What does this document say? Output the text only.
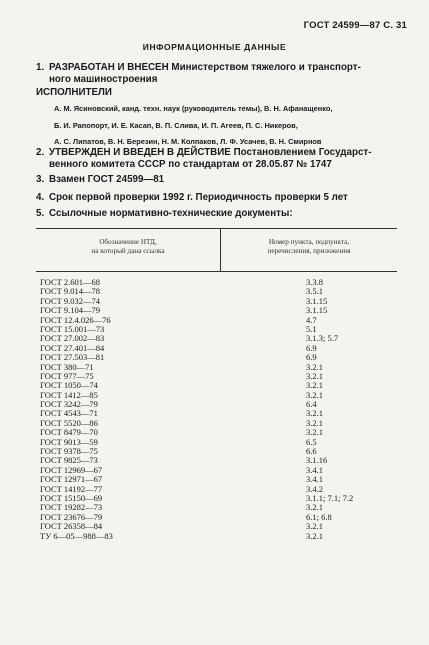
ГОСТ 24599—87 С. 31
ИНФОРМАЦИОННЫЕ ДАННЫЕ
1. РАЗРАБОТАН И ВНЕСЕН Министерством тяжелого и транспорт-
ного машиностроения
ИСПОЛНИТЕЛИ
А. М. Ясиновский, канд. техн. наук (руководитель темы), В. Н. Афанащенко,
Б. И. Рапопорт, И. Е. Касап, В. П. Слива, И. П. Агеев, П. С. Никеров,
А. С. Липатов, В. Н. Березин, Н. М. Колпаков, Л. Ф. Усачев, В. Н. Смирнов
2. УТВЕРЖДЕН И ВВЕДЕН В ДЕЙСТВИЕ Постановлением Государст-
венного комитета СССР по стандартам от 28.05.87 № 1747
3. Взамен ГОСТ 24599—81
4. Срок первой проверки 1992 г. Периодичность проверки 5 лет
5. Ссылочные нормативно-технические документы:
Обозначение НТД,
на который дана ссылка
Номер пункта, подпункта,
перечисления, приложения
ГОСТ 2.601—68	3.3.8
ГОСТ 9.014—78	3.5.1
ГОСТ 9.032—74	3.1.15
ГОСТ 9.104—79	3.1.15
ГОСТ 12.4.026—76	4.7
ГОСТ 15.001—73	5.1
ГОСТ 27.002—83	3.1.3; 5.7
ГОСТ 27.401—84	6.9
ГОСТ 27.503—81	6.9
ГОСТ 380—71	3.2.1
ГОСТ 977—75	3.2.1
ГОСТ 1050—74	3.2.1
ГОСТ 1412—85	3.2.1
ГОСТ 3242—79	6.4
ГОСТ 4543—71	3.2.1
ГОСТ 5520—86	3.2.1
ГОСТ 8479—70	3.2.1
ГОСТ 9013—59	6.5
ГОСТ 9378—75	6.6
ГОСТ 9825—73	3.1.16
ГОСТ 12969—67	3.4.1
ГОСТ 12971—67	3.4.1
ГОСТ 14192—77	3.4.2
ГОСТ 15150—69	3.1.1; 7.1; 7.2
ГОСТ 19282—73	3.2.1
ГОСТ 23676—79	6.1; 6.8
ГОСТ 26358—84	3.2.1
ТУ 6—05—988—83	3.2.1
